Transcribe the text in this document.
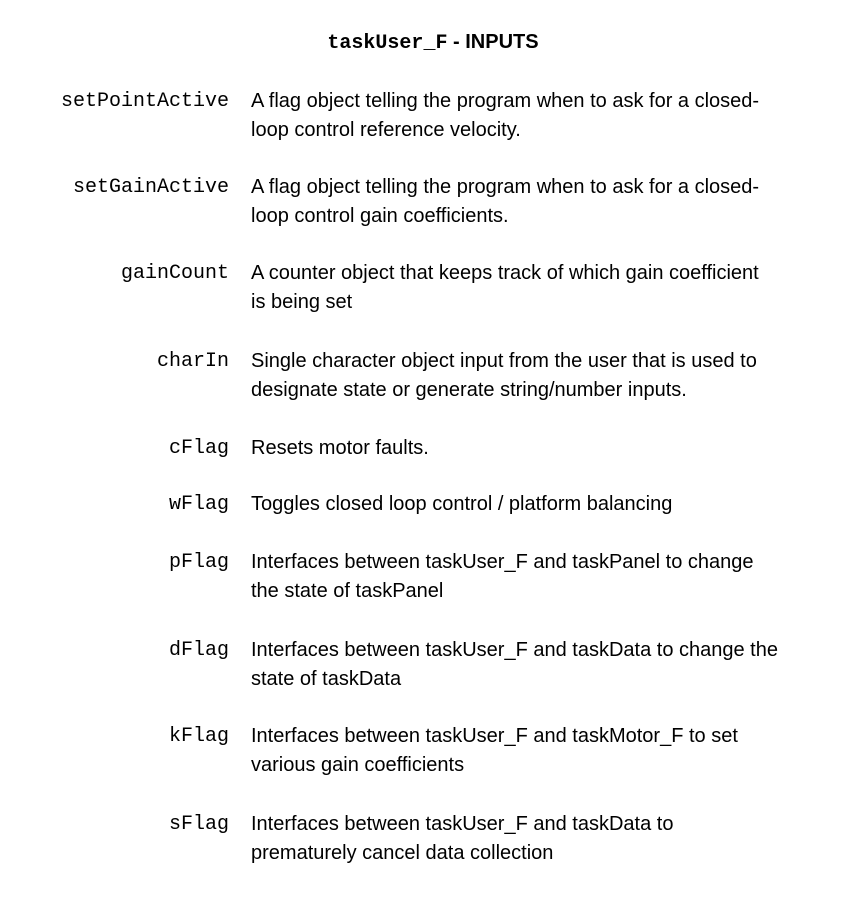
taskUser_F - INPUTS
setPointActive A flag object telling the program when to ask for a closed-
loop control reference velocity.
setGainActive A flag object telling the program when to ask for a closed-
loop control gain coefficients.
gainCount A counter object that keeps track of which gain coefficient
is being set
charIn Single character object input from the user that is used to
designate state or generate string/number inputs.
cFlag Resets motor faults.
wFlag Toggles closed loop control / platform balancing
pFlag Interfaces between taskUser_F and taskPanel to change
the state of taskPanel
dFlag Interfaces between taskUser_F and taskData to change the
state of taskData
kFlag Interfaces between taskUser_F and taskMotor_F to set
various gain coefficients
sFlag Interfaces between taskUser_F and taskData to
prematurely cancel data collection
